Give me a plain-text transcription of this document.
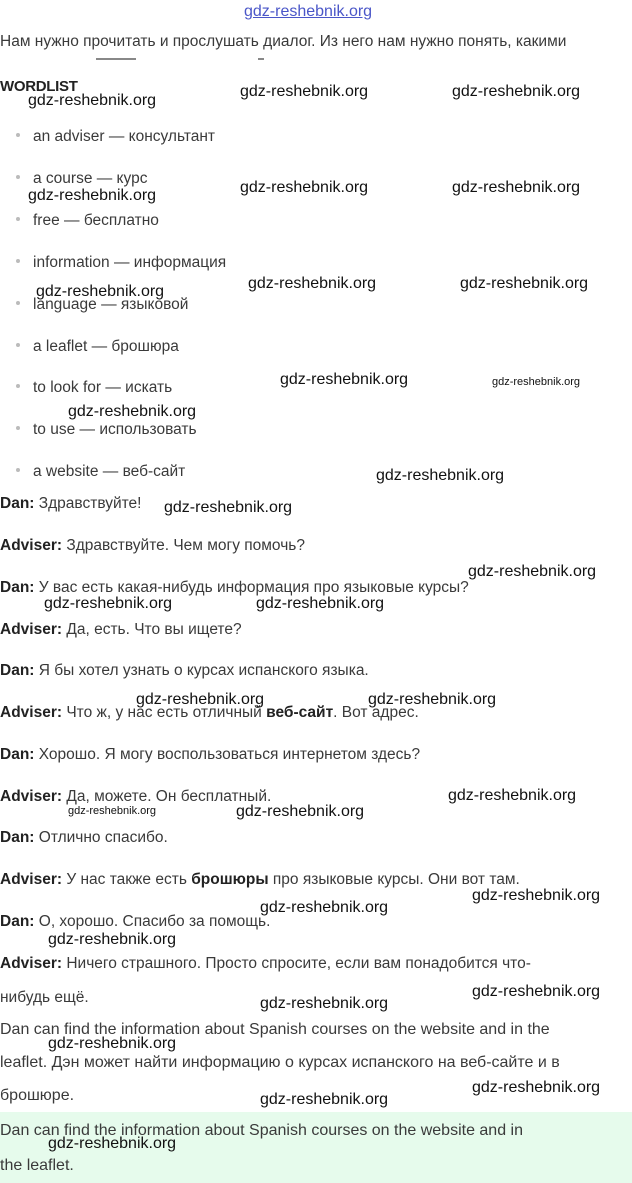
gdz-reshebnik.org
Нам нужно прочитать и прослушать диалог. Из него нам нужно понять, какими
WORDLIST
an adviser — консультант
a course — курс
free — бесплатно
information — информация
language — языковой
a leaflet — брошюра
to look for — искать
to use — использовать
a website — веб-сайт
Dan: Здравствуйте!
Adviser: Здравствуйте. Чем могу помочь?
Dan: У вас есть какая-нибудь информация про языковые курсы?
Adviser: Да, есть. Что вы ищете?
Dan: Я бы хотел узнать о курсах испанского языка.
Adviser: Что ж, у нас есть отличный веб-сайт. Вот адрес.
Dan: Хорошо. Я могу воспользоваться интернетом здесь?
Adviser: Да, можете. Он бесплатный.
Dan: Отлично спасибо.
Adviser: У нас также есть брошюры про языковые курсы. Они вот там.
Dan: О, хорошо. Спасибо за помощь.
Adviser: Ничего страшного. Просто спросите, если вам понадобится что-
нибудь ещё.
Dan can find the information about Spanish courses on the website and in the
leaflet. Дэн может найти информацию о курсах испанского на веб-сайте и в
брошюре.
Dan can find the information about Spanish courses on the website and in
the leaflet.
gdz-reshebnik.org
gdz-reshebnik.org	gdz-reshebnik.org
gdz-reshebnik.org	gdz-reshebnik.org	gdz-reshebnik.org
gdz-reshebnik.org	gdz-reshebnik.org	gdz-reshebnik.org
gdz-reshebnik.org	gdz-reshebnik.org
gdz-reshebnik.org
gdz-reshebnik.org
gdz-reshebnik.org
gdz-reshebnik.org
gdz-reshebnik.org	gdz-reshebnik.org
gdz-reshebnik.org	gdz-reshebnik.org
gdz-reshebnik.org
gdz-reshebnik.org	gdz-reshebnik.org
gdz-reshebnik.org
gdz-reshebnik.org
gdz-reshebnik.org
gdz-reshebnik.org
gdz-reshebnik.org
gdz-reshebnik.org
gdz-reshebnik.org
gdz-reshebnik.org
gdz-reshebnik.org
